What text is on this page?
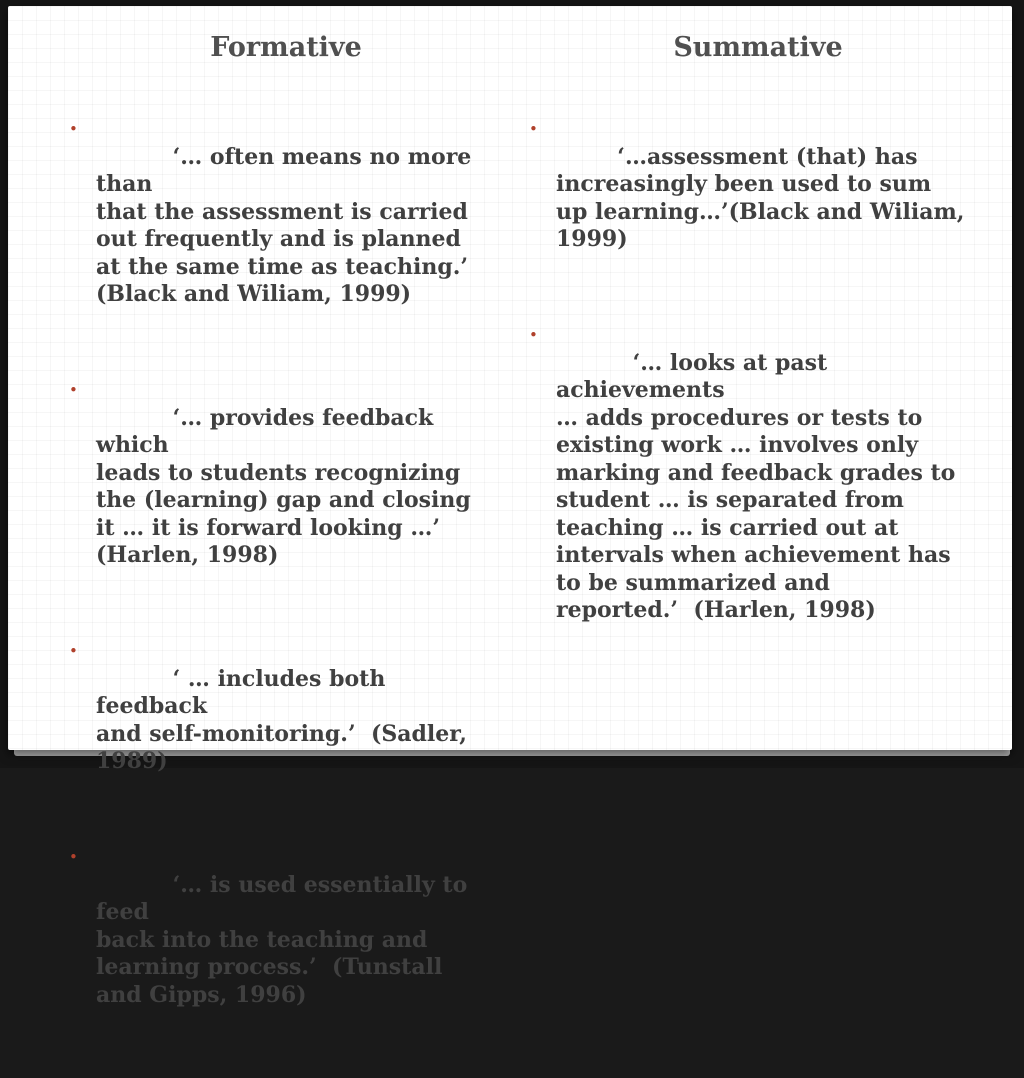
Formative	Summative

•
‘… often means no more than
that the assessment is carried
out frequently and is planned
at the same time as teaching.’
(Black and Wiliam, 1999)

•
‘… provides feedback which
leads to students recognizing
the (learning) gap and closing
it … it is forward looking …’
(Harlen, 1998)

•
‘ … includes both feedback
and self-monitoring.’  (Sadler,
1989)

•
‘… is used essentially to feed
back into the teaching and
learning process.’  (Tunstall
and Gipps, 1996)

•
‘…assessment (that) has
increasingly been used to sum
up learning…’(Black and Wiliam,
1999)

•
‘… looks at past achievements
… adds procedures or tests to
existing work … involves only
marking and feedback grades to
student … is separated from
teaching … is carried out at
intervals when achievement has
to be summarized and
reported.’  (Harlen, 1998)
